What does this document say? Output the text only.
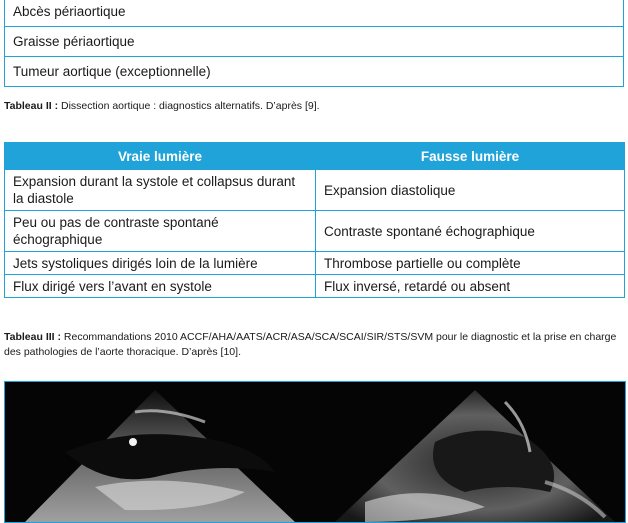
Abcès périaortique
Graisse périaortique
Tumeur aortique (exceptionnelle)
Tableau II : Dissection aortique : diagnostics alternatifs. D’après [9].
Vraie lumière	Fausse lumière
Expansion durant la systole et collapsus durant la diastole	Expansion diastolique
Peu ou pas de contraste spontané échographique	Contraste spontané échographique
Jets systoliques dirigés loin de la lumière	Thrombose partielle ou complète
Flux dirigé vers l’avant en systole	Flux inversé, retardé ou absent
Tableau III : Recommandations 2010 ACCF/AHA/AATS/ACR/ASA/SCA/SCAI/SIR/STS/SVM pour le diagnostic et la prise en charge des pathologies de l’aorte thoracique. D’après [10].
